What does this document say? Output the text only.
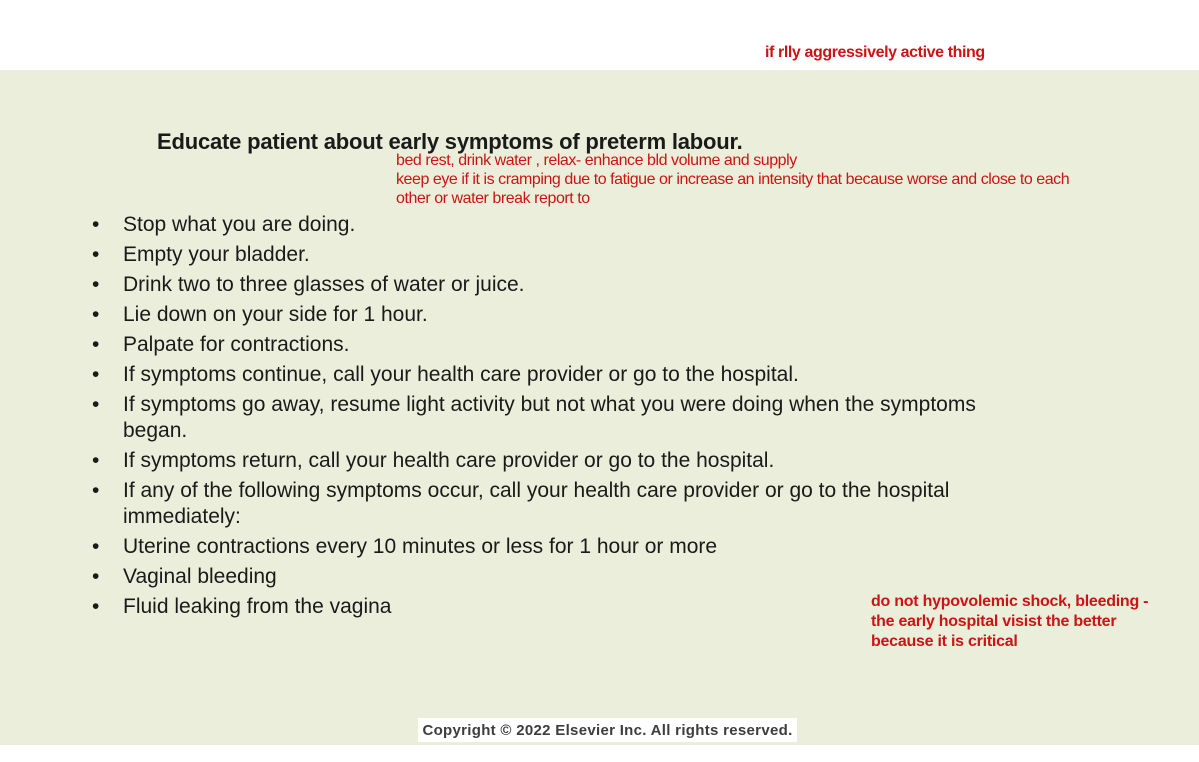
if rlly aggressively active thing
Educate patient about early symptoms of preterm labour.
bed rest, drink water , relax- enhance bld volume and supply
keep eye if it is cramping due to fatigue or increase an intensity that because worse and close to each
other or water break report to
• Stop what you are doing.
• Empty your bladder.
• Drink two to three glasses of water or juice.
• Lie down on your side for 1 hour.
• Palpate for contractions.
• If symptoms continue, call your health care provider or go to the hospital.
• If symptoms go away, resume light activity but not what you were doing when the symptoms began.
• If symptoms return, call your health care provider or go to the hospital.
• If any of the following symptoms occur, call your health care provider or go to the hospital immediately:
• Uterine contractions every 10 minutes or less for 1 hour or more
• Vaginal bleeding
• Fluid leaking from the vagina	do not hypovolemic shock, bleeding -
the early hospital visist the better
because it is critical
Copyright © 2022 Elsevier Inc. All rights reserved.
